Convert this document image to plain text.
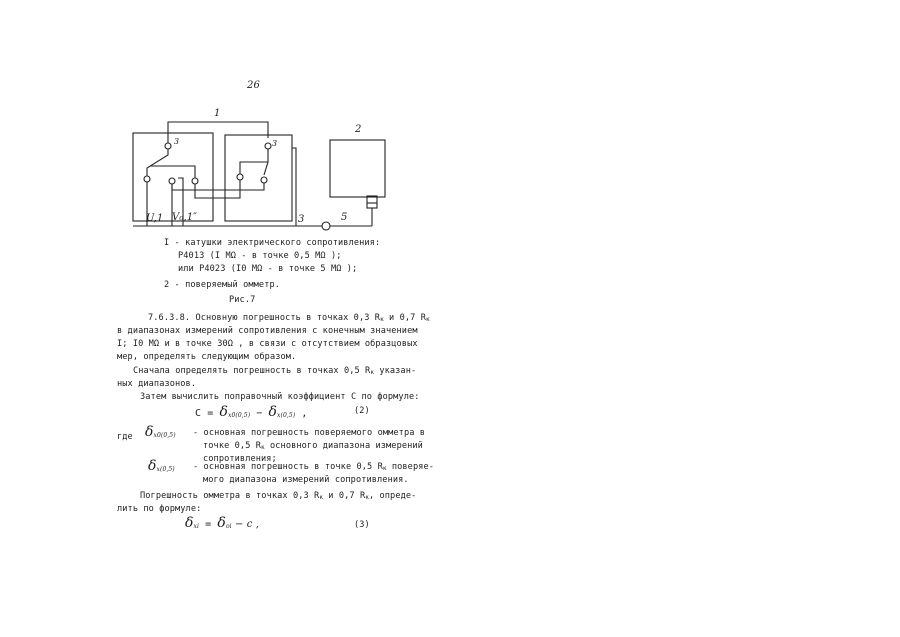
26
1
2
3	3
3	5
U,1 V₀,1″
I - катушки электрического сопротивления:
Р4013 (I МΩ - в точке 0,5 МΩ );
или Р4023 (I0 МΩ - в точке 5 МΩ );
2 - поверяемый омметр.
Рис.7
7.6.3.8. Основную погрешность в точках 0,3 Rк и 0,7 Rк
в диапазонах измерений сопротивления с конечным значением
I; I0 МΩ и в точке 30Ω , в связи с отсутствием образцовых
мер, определять следующим образом.
Сначала определять погрешность в точках 0,5 Rк указан-
ных диапазонов.
Затем вычислить поправочный коэффициент С по формуле:
С = δx0(0,5) − δx(0,5) ,	(2)
где δx0(0,5) - основная погрешность поверяемого омметра в
точке 0,5 Rк основного диапазона измерений
сопротивления;
δx(0,5) - основная погрешность в точке 0,5 Rк поверяе-
мого диапазона измерений сопротивления.
Погрешность омметра в точках 0,3 Rк и 0,7 Rк, опреде-
лить по формуле:
δxi = δoi − с ,	(3)
